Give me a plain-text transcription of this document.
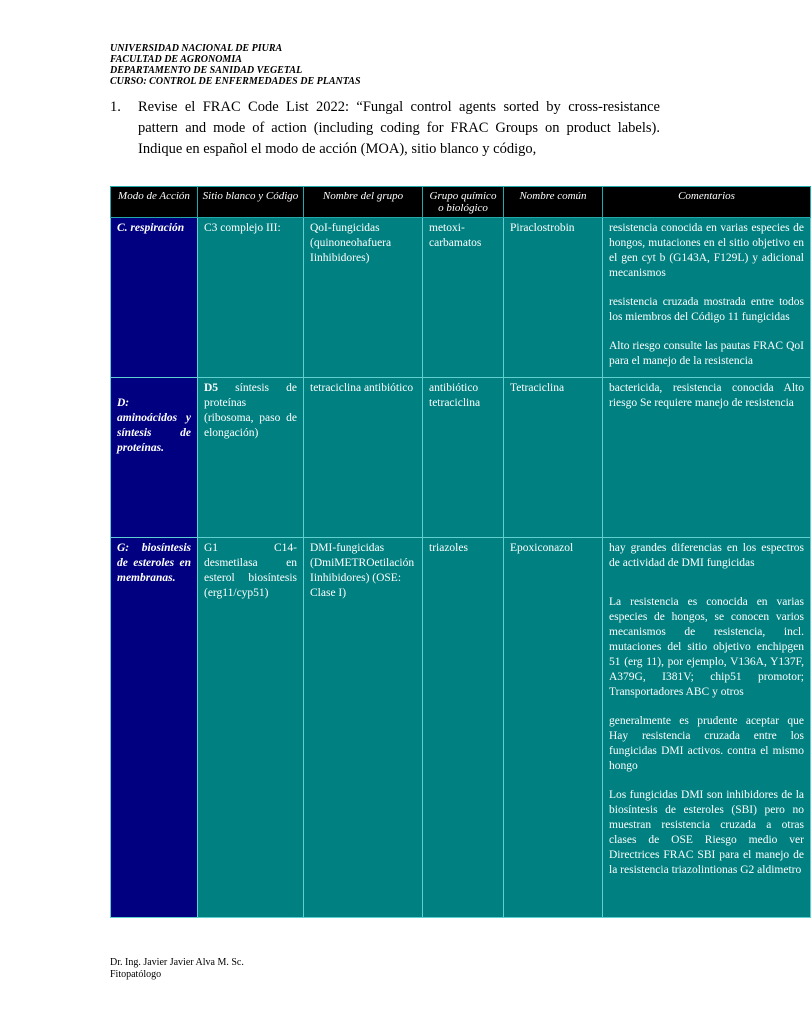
UNIVERSIDAD NACIONAL DE PIURA
FACULTAD DE AGRONOMIA
DEPARTAMENTO DE SANIDAD VEGETAL
CURSO: CONTROL DE ENFERMEDADES DE PLANTAS
1. Revise el FRAC Code List 2022: “Fungal control agents sorted by cross-resistance pattern and mode of action (including coding for FRAC Groups on product labels). Indique en español el modo de acción (MOA), sitio blanco y código,
Modo de Acción	Sitio blanco y Código	Nombre del grupo	Grupo químico o biológico	Nombre común	Comentarios
C. respiración	C3 complejo III:	QoI-fungicidas (quinoneohafuera Iinhibidores)	metoxi-carbamatos	Piraclostrobin	resistencia conocida en varias especies de hongos, mutaciones en el sitio objetivo en el gen cyt b (G143A, F129L) y adicional mecanismos

resistencia cruzada mostrada entre todos los miembros del Código 11 fungicidas

Alto riesgo consulte las pautas FRAC QoI para el manejo de la resistencia

D: aminoácidos y síntesis de proteínas.	D5 síntesis de proteínas (ribosoma, paso de elongación)	tetraciclina antibiótico	antibiótico tetraciclina	Tetraciclina	bactericida, resistencia conocida Alto riesgo Se requiere manejo de resistencia

G: biosíntesis de esteroles en membranas.	G1 C14-desmetilasa en esterol biosíntesis (erg11/cyp51)	DMI-fungicidas (DmiMETROetilación Iinhibidores) (OSE: Clase I)	triazoles	Epoxiconazol	hay grandes diferencias en los espectros de actividad de DMI fungicidas

La resistencia es conocida en varias especies de hongos, se conocen varios mecanismos de resistencia, incl. mutaciones del sitio objetivo enchipgen 51 (erg 11), por ejemplo, V136A, Y137F, A379G, I381V; chip51 promotor; Transportadores ABC y otros

generalmente es prudente aceptar que Hay resistencia cruzada entre los fungicidas DMI activos. contra el mismo hongo

Los fungicidas DMI son inhibidores de la biosíntesis de esteroles (SBI) pero no muestran resistencia cruzada a otras clases de OSE Riesgo medio ver Directrices FRAC SBI para el manejo de la resistencia triazolintionas G2 aldimetro

Dr. Ing. Javier Javier Alva M. Sc.
Fitopatólogo
